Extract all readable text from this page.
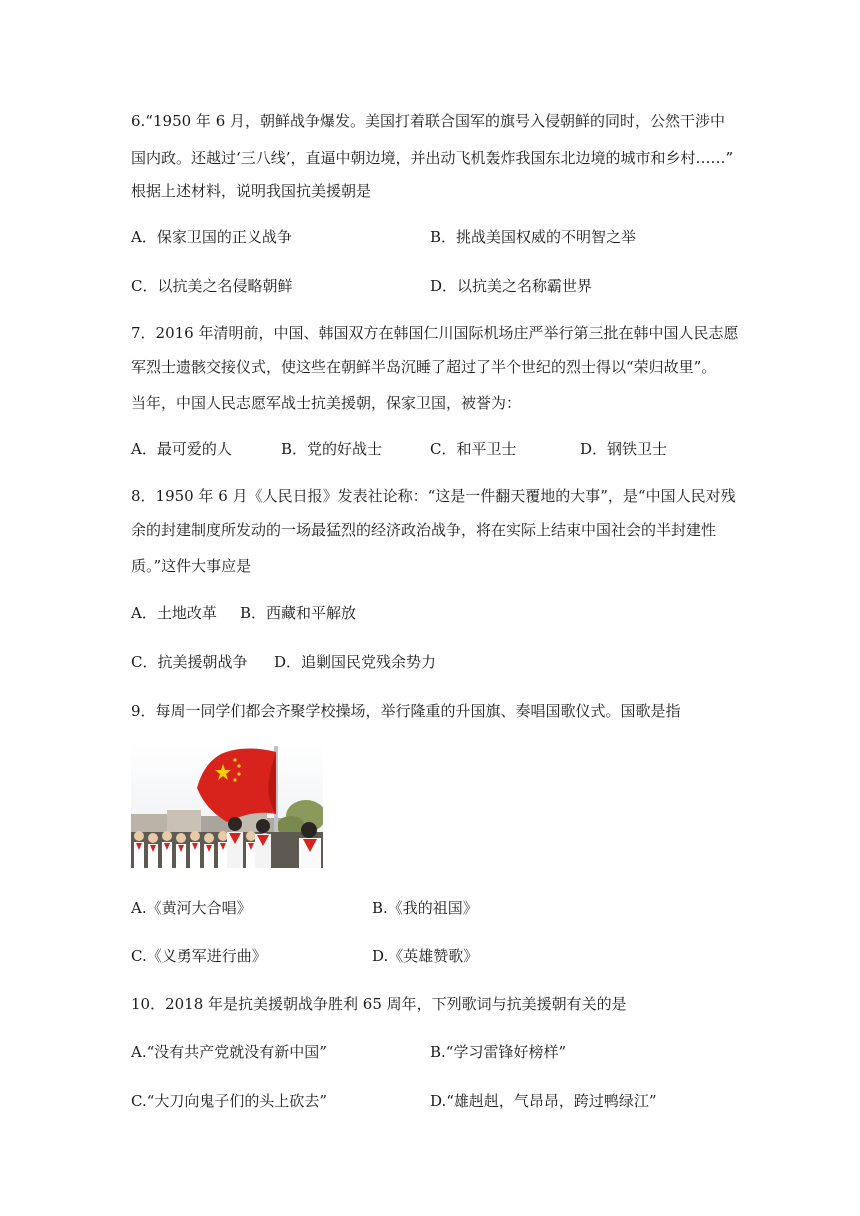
6.“1950 年 6 月，朝鲜战争爆发。美国打着联合国军的旗号入侵朝鲜的同时，公然干涉中
国内政。还越过‘三八线’，直逼中朝边境，并出动飞机轰炸我国东北边境的城市和乡村……”
根据上述材料，说明我国抗美援朝是
A．保家卫国的正义战争	B．挑战美国权威的不明智之举
C．以抗美之名侵略朝鲜	D．以抗美之名称霸世界
7．2016 年清明前，中国、韩国双方在韩国仁川国际机场庄严举行第三批在韩中国人民志愿
军烈士遗骸交接仪式，使这些在朝鲜半岛沉睡了超过了半个世纪的烈士得以“荣归故里”。
当年，中国人民志愿军战士抗美援朝，保家卫国，被誉为：
A．最可爱的人	B．党的好战士	C．和平卫士	D．钢铁卫士
8．1950 年 6 月《人民日报》发表社论称：“这是一件翻天覆地的大事”，是“中国人民对残
余的封建制度所发动的一场最猛烈的经济政治战争，将在实际上结束中国社会的半封建性
质。”这件大事应是
A．土地改革 B．西藏和平解放
C．抗美援朝战争 D．追剿国民党残余势力
9．每周一同学们都会齐聚学校操场，举行隆重的升国旗、奏唱国歌仪式。国歌是指
A.《黄河大合唱》	B.《我的祖国》
C.《义勇军进行曲》	D.《英雄赞歌》
10．2018 年是抗美援朝战争胜利 65 周年，下列歌词与抗美援朝有关的是
A.“没有共产党就没有新中国”	B.“学习雷锋好榜样”
C.“大刀向鬼子们的头上砍去”	D.“雄赳赳，气昂昂，跨过鸭绿江”
